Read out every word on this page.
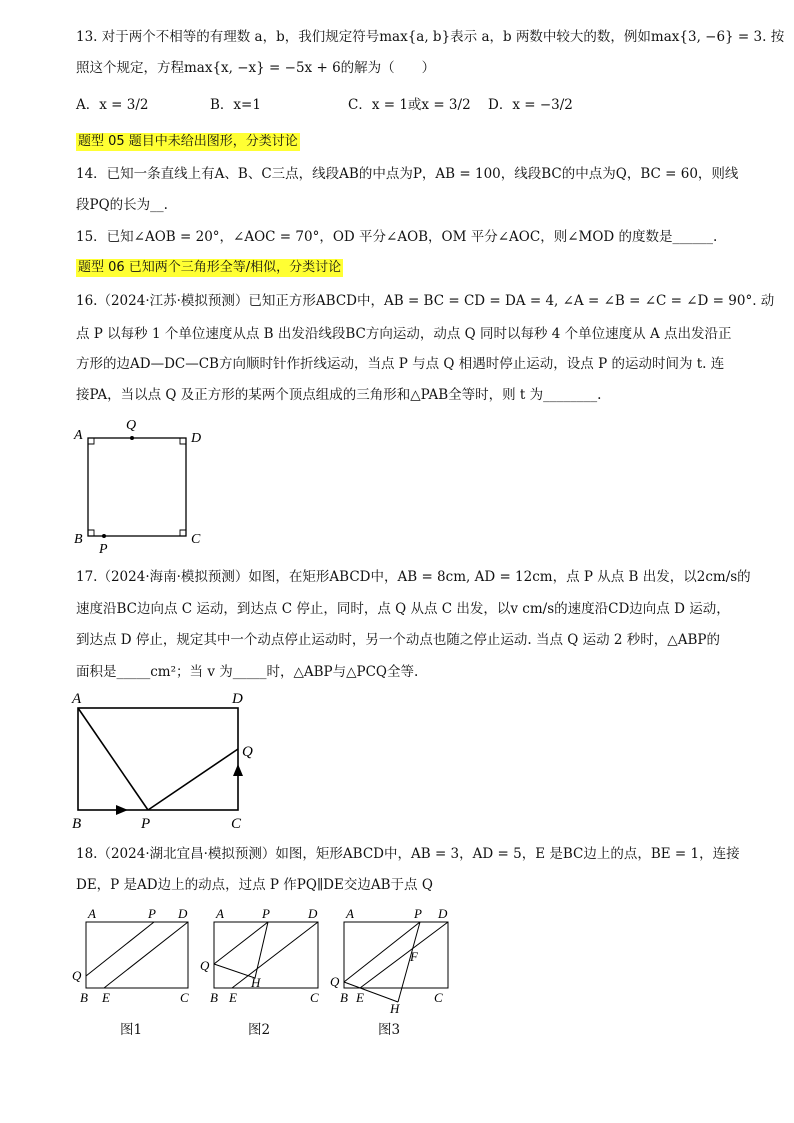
13. 对于两个不相等的有理数 a，b，我们规定符号max{a, b}表示 a，b 两数中较大的数，例如max{3, −6} = 3. 按
照这个规定，方程max{x, −x} = −5x + 6的解为（　　）
A．x = 3/2	B．x=1	C．x = 1或x = 3/2 D．x = −3/2
题型 05 题目中未给出图形，分类讨论
14．已知一条直线上有A、B、C三点，线段AB的中点为P，AB = 100，线段BC的中点为Q，BC = 60，则线
段PQ的长为__.
15．已知∠AOB = 20°，∠AOC = 70°，OD 平分∠AOB，OM 平分∠AOC，则∠MOD 的度数是______.
题型 06 已知两个三角形全等/相似，分类讨论
16.（2024·江苏·模拟预测）已知正方形ABCD中，AB = BC = CD = DA = 4, ∠A = ∠B = ∠C = ∠D = 90°. 动
点 P 以每秒 1 个单位速度从点 B 出发沿线段BC方向运动，动点 Q 同时以每秒 4 个单位速度从 A 点出发沿正
方形的边AD—DC—CB方向顺时针作折线运动，当点 P 与点 Q 相遇时停止运动，设点 P 的运动时间为 t. 连
接PA，当以点 Q 及正方形的某两个顶点组成的三角形和△PAB全等时，则 t 为________.
A	D
B	C
Q
P
17.（2024·海南·模拟预测）如图，在矩形ABCD中，AB = 8cm, AD = 12cm，点 P 从点 B 出发，以2cm/s的
速度沿BC边向点 C 运动，到达点 C 停止，同时，点 Q 从点 C 出发，以v cm/s的速度沿CD边向点 D 运动，
到达点 D 停止，规定其中一个动点停止运动时，另一个动点也随之停止运动. 当点 Q 运动 2 秒时，△ABP的
面积是_____cm²；当 v 为_____时，△ABP与△PCQ全等.
A	D
B	P	C
Q
18.（2024·湖北宜昌·模拟预测）如图，矩形ABCD中，AB = 3，AD = 5，E 是BC边上的点，BE = 1，连接
DE，P 是AD边上的动点，过点 P 作PQ∥DE交边AB于点 Q
A	P D
Q
B E	C
图1
A	P	D
Q
H
B E	C
图2
A	P D
Q
F
H
B E	C
图3
